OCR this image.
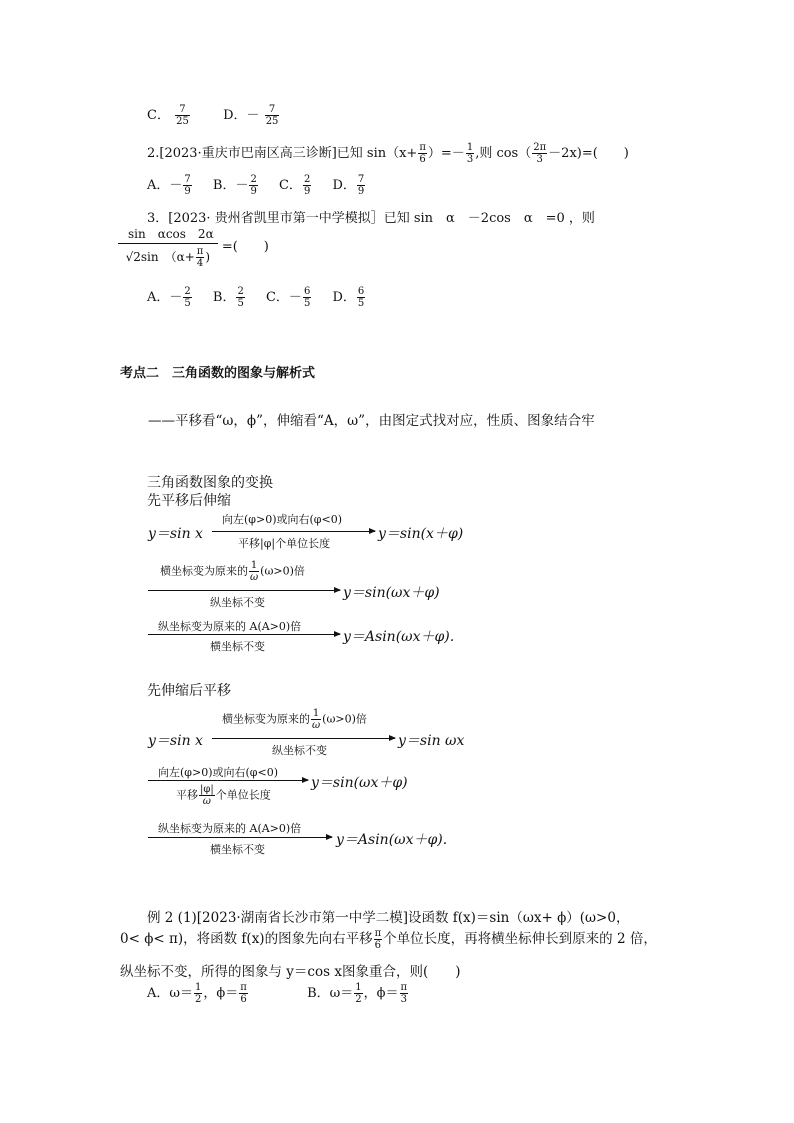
C． $\frac{7}{25}$	D．－ $\frac{7}{25}$
2.[2023·重庆市巴南区高三诊断]已知 $\sin(x+ \frac{\pi}{6}$ ）=－ $\frac{1}{3}$ ,则 $\cos( \frac{2\pi}{3} -2x)=$(　　)
A．－ $\frac{7}{9}$ B．－ $\frac{2}{9}$ C． $\frac{2}{9}$ D． $\frac{7}{9}$
3．[2023· 贵州省凯里市第一中学模拟］已知 sin　α　－2cos　α　=0 ，则
$\frac{\text{sin　αcos　2α}}{√2\sin (\alpha+ \frac{\pi}{4} )}$ =(　　)
A．－ $\frac{2}{5}$ B． $\frac{2}{5}$ C．－ $\frac{6}{5}$ D． $\frac{6}{5}$
考点二　三角函数的图象与解析式
——平移看“ω，ϕ”，伸缩看“A，ω”，由图定式找对应，性质、图象结合牢
三角函数图象的变换
先平移后伸缩
y＝sin x
向左(φ>0)或向右(φ<0)
平移|φ|个单位长度
y＝sin(x＋φ)
横坐标变为原来的 $\frac{1}{\omega} (\omega>0)$倍
纵坐标不变
y＝sin(ωx＋φ)
纵坐标变为原来的 A(A>0)倍
横坐标不变
y＝Asin(ωx＋φ).
先伸缩后平移
横坐标变为原来的 $\frac{1}{\omega} (\omega>0)$倍
y＝sin x
纵坐标不变
y＝sin ωx
向左(φ>0)或向右(φ<0)
平移 $\frac{|\varphi|}{\omega}$ 个单位长度
y＝sin(ωx＋φ)
纵坐标变为原来的 A(A>0)倍
横坐标不变
y＝Asin(ωx＋φ).
例 2 (1)[2023·湖南省长沙市第一中学二模]设函数 f(x)＝sin（ωx+ ϕ）(ω>0，
0< ϕ< π)，将函数 f(x)的图象先向右平移 $\frac{\pi}{6}$ 个单位长度，再将横坐标伸长到原来的 2 倍，
纵坐标不变，所得的图象与 y＝cos x图象重合，则(　　)
A．$\omega= \frac{1}{2}$ ，$\phi= \frac{\pi}{6}$	B．$\omega= \frac{1}{2}$ ，$\phi= \frac{\pi}{3}$
